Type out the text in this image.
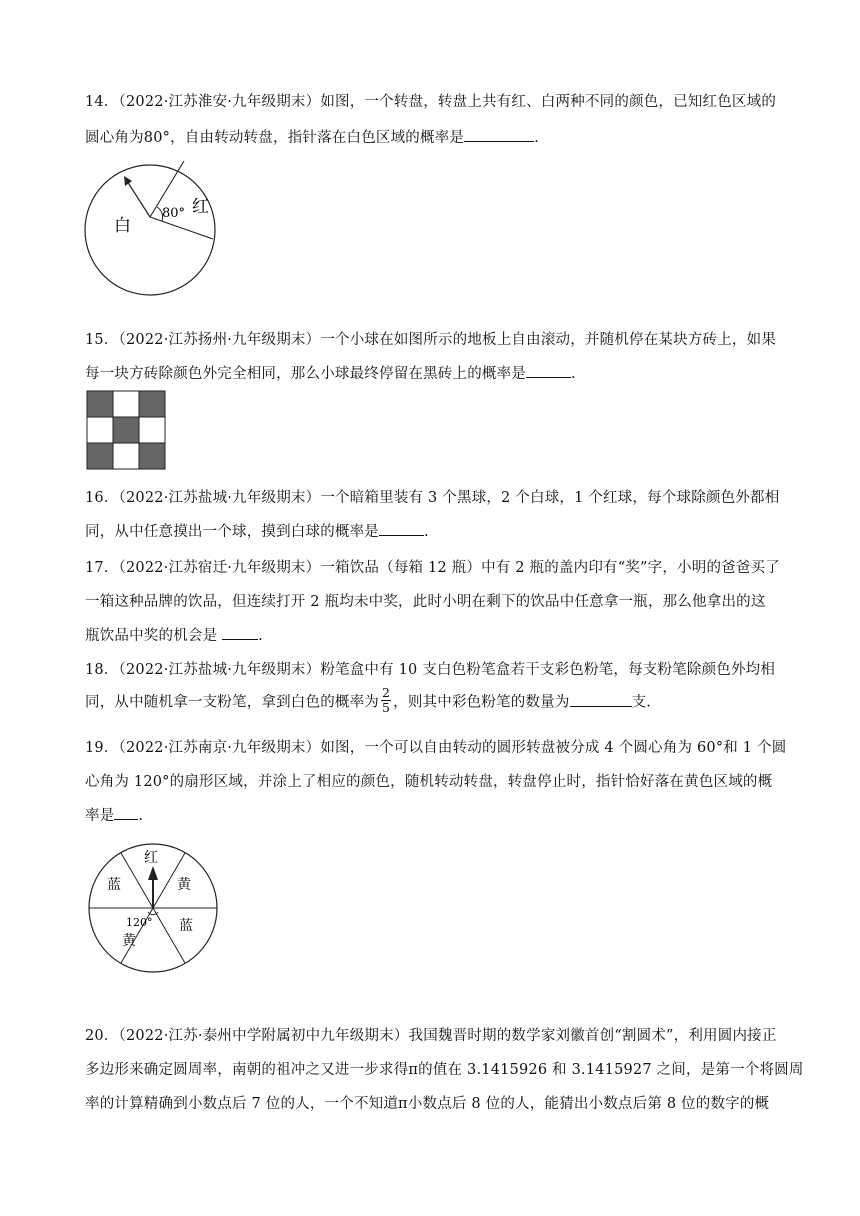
14．（2022·江苏淮安·九年级期末）如图，一个转盘，转盘上共有红、白两种不同的颜色，已知红色区域的
圆心角为80°，自由转动转盘，指针落在白色区域的概率是	.
80° 红
白
15．（2022·江苏扬州·九年级期末）一个小球在如图所示的地板上自由滚动，并随机停在某块方砖上，如果
每一块方砖除颜色外完全相同，那么小球最终停留在黑砖上的概率是	.
16．（2022·江苏盐城·九年级期末）一个暗箱里装有 3 个黑球，2 个白球，1 个红球，每个球除颜色外都相
同，从中任意摸出一个球，摸到白球的概率是	.
17．（2022·江苏宿迁·九年级期末）一箱饮品（每箱 12 瓶）中有 2 瓶的盖内印有“奖”字，小明的爸爸买了
一箱这种品牌的饮品，但连续打开 2 瓶均未中奖，此时小明在剩下的饮品中任意拿一瓶，那么他拿出的这
瓶饮品中奖的机会是 .
18．（2022·江苏盐城·九年级期末）粉笔盒中有 10 支白色粉笔盒若干支彩色粉笔，每支粉笔除颜色外均相
同，从中随机拿一支粉笔，拿到白色的概率为 $\frac{2}{5}$ ，则其中彩色粉笔的数量为	支.
19．（2022·江苏南京·九年级期末）如图，一个可以自由转动的圆形转盘被分成 4 个圆心角为 60°和 1 个圆
心角为 120°的扇形区域，并涂上了相应的颜色，随机转动转盘，转盘停止时，指针恰好落在黄色区域的概
率是 .
红
黄
蓝
蓝
黄
120°
20．（2022·江苏·泰州中学附属初中九年级期末）我国魏晋时期的数学家刘徽首创“割圆术”，利用圆内接正
多边形来确定圆周率，南朝的祖冲之又进一步求得π的值在 3.1415926 和 3.1415927 之间，是第一个将圆周
率的计算精确到小数点后 7 位的人，一个不知道π小数点后 8 位的人，能猜出小数点后第 8 位的数字的概
